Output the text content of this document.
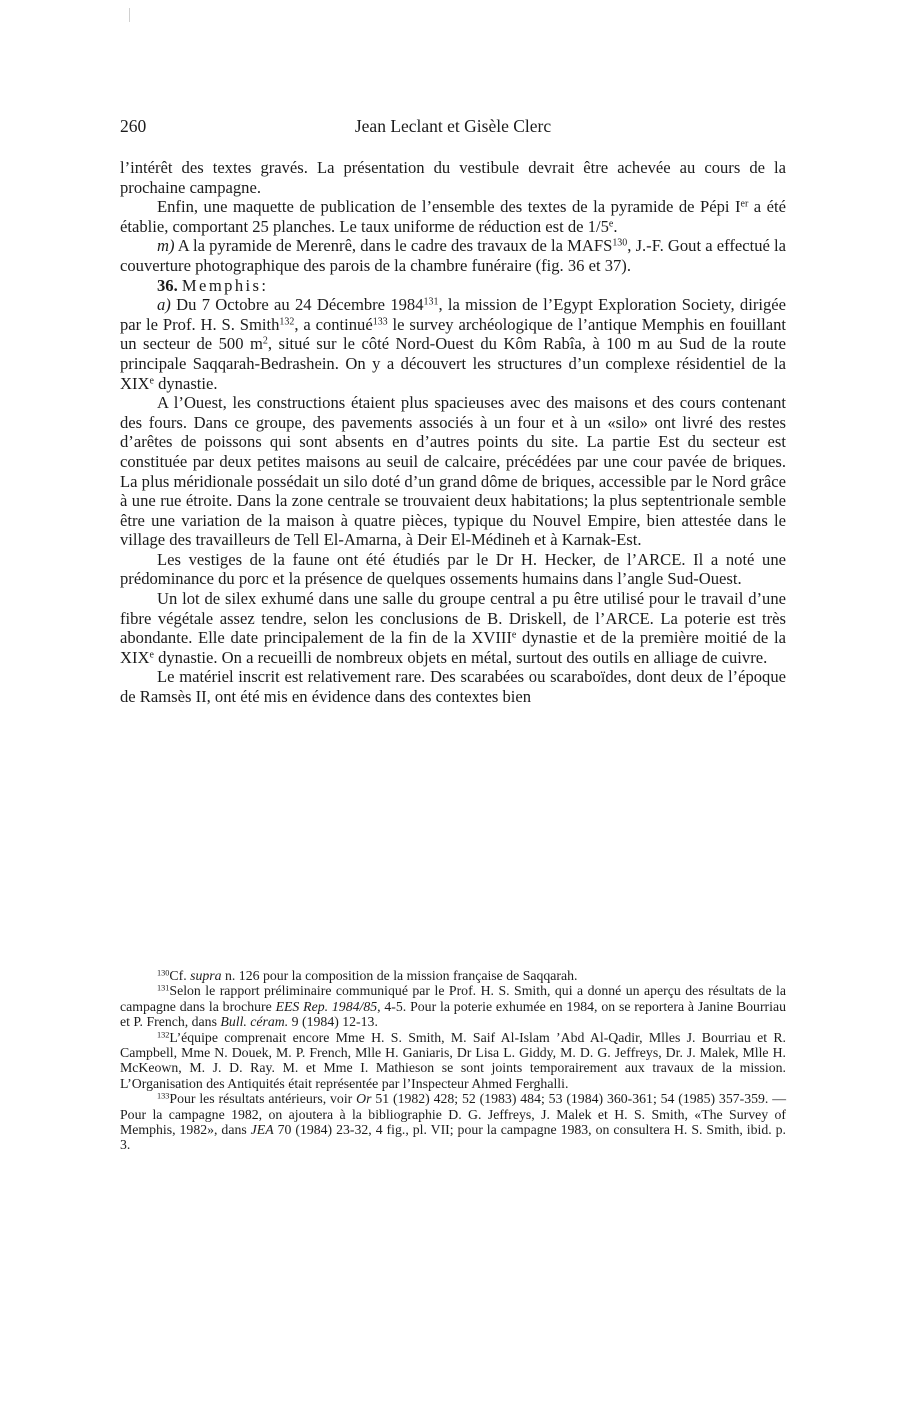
260	Jean Leclant et Gisèle Clerc

l’intérêt des textes gravés. La présentation du vestibule devrait être achevée au cours de la prochaine campagne.

Enfin, une maquette de publication de l’ensemble des textes de la pyramide de Pépi Ier a été établie, comportant 25 planches. Le taux uniforme de réduction est de 1/5e.

m) A la pyramide de Merenrê, dans le cadre des travaux de la MAFS$^{130}$, J.-F. Gout a effectué la couverture photographique des parois de la chambre funéraire (fig. 36 et 37).

36. Memphis:

a) Du 7 Octobre au 24 Décembre 1984$^{131}$, la mission de l’Egypt Exploration Society, dirigée par le Prof. H. S. Smith$^{132}$, a continué$^{133}$ le survey archéologique de l’antique Memphis en fouillant un secteur de 500 $m^2$, situé sur le côté Nord-Ouest du Kôm Rabîa, à 100 m au Sud de la route principale Saqqarah-Bedrashein. On y a découvert les structures d’un complexe résidentiel de la XIXe dynastie.

A l’Ouest, les constructions étaient plus spacieuses avec des maisons et des cours contenant des fours. Dans ce groupe, des pavements associés à un four et à un «silo» ont livré des restes d’arêtes de poissons qui sont absents en d’autres points du site. La partie Est du secteur est constituée par deux petites maisons au seuil de calcaire, précédées par une cour pavée de briques. La plus méridionale possédait un silo doté d’un grand dôme de briques, accessible par le Nord grâce à une rue étroite. Dans la zone centrale se trouvaient deux habitations; la plus septentrionale semble être une variation de la maison à quatre pièces, typique du Nouvel Empire, bien attestée dans le village des travailleurs de Tell El-Amarna, à Deir El-Médineh et à Karnak-Est.

Les vestiges de la faune ont été étudiés par le Dr H. Hecker, de l’ARCE. Il a noté une prédominance du porc et la présence de quelques ossements humains dans l’angle Sud-Ouest.

Un lot de silex exhumé dans une salle du groupe central a pu être utilisé pour le travail d’une fibre végétale assez tendre, selon les conclusions de B. Driskell, de l’ARCE. La poterie est très abondante. Elle date principalement de la fin de la XVIIIe dynastie et de la première moitié de la XIXe dynastie. On a recueilli de nombreux objets en métal, surtout des outils en alliage de cuivre.

Le matériel inscrit est relativement rare. Des scarabées ou scaraboïdes, dont deux de l’époque de Ramsès II, ont été mis en évidence dans des contextes bien

$^{130}$Cf. supra n. 126 pour la composition de la mission française de Saqqarah.

$^{131}$Selon le rapport préliminaire communiqué par le Prof. H. S. Smith, qui a donné un aperçu des résultats de la campagne dans la brochure EES Rep. 1984/85, 4-5. Pour la poterie exhumée en 1984, on se reportera à Janine Bourriau et P. French, dans Bull. céram. 9 (1984) 12-13.

$^{132}$L’équipe comprenait encore Mme H. S. Smith, M. Saif Al-Islam ’Abd Al-Qadir, Mlles J. Bourriau et R. Campbell, Mme N. Douek, M. P. French, Mlle H. Ganiaris, Dr Lisa L. Giddy, M. D. G. Jeffreys, Dr. J. Malek, Mlle H. McKeown, M. J. D. Ray. M. et Mme I. Mathieson se sont joints temporairement aux travaux de la mission. L’Organisation des Antiquités était représentée par l’Inspecteur Ahmed Ferghalli.

$^{133}$Pour les résultats antérieurs, voir Or 51 (1982) 428; 52 (1983) 484; 53 (1984) 360-361; 54 (1985) 357-359. — Pour la campagne 1982, on ajoutera à la bibliographie D. G. Jeffreys, J. Malek et H. S. Smith, «The Survey of Memphis, 1982», dans JEA 70 (1984) 23-32, 4 fig., pl. VII; pour la campagne 1983, on consultera H. S. Smith, ibid. p. 3.
